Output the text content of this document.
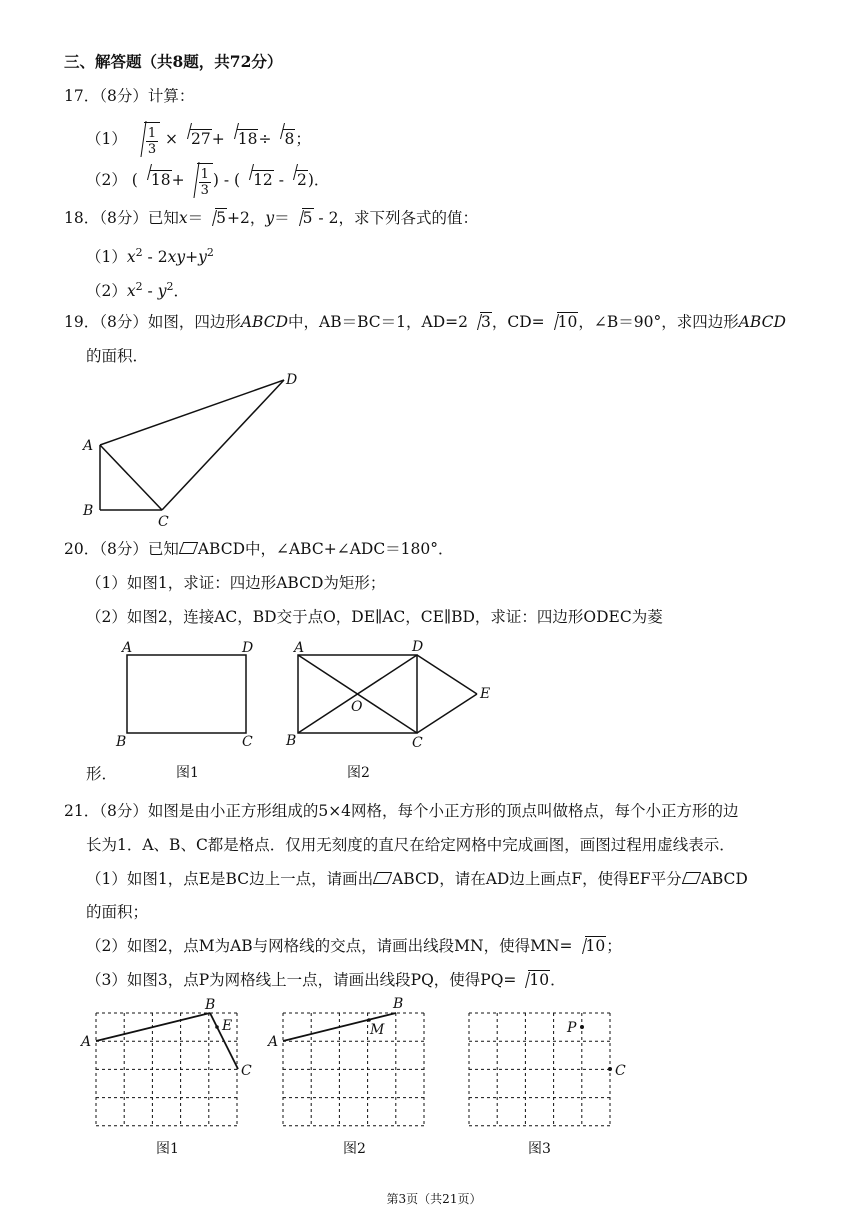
三、解答题（共8题，共72分）
17．（8分）计算：
$(1) \frac{1}{3} \times 27+ 18\div 8$；
（2） ( $18+ \frac{1}{3}$ ) - ( 12 - 2)．
18．（8分）已知x＝ 5+2，y＝ 5 - 2，求下列各式的值：
$(1)x^2 - 2xy+y^2$
$(2)x^2 - y^2$．
19．（8分）如图，四边形ABCD中，AB＝BC＝1，AD=2 3，CD= 10，∠B＝90°，求四边形ABCD
的面积．
A
B
C
D
20．（8分）已知 ABCD中，∠ABC+∠ADC＝180°．
（1）如图1，求证：四边形ABCD为矩形；
（2）如图2，连接AC，BD交于点O，DE∥AC，CE∥BD，求证：四边形ODEC为菱
A	D
B	C
A	D
E
O
B	C
形．	图1	图2
21．（8分）如图是由小正方形组成的5×4网格，每个小正方形的顶点叫做格点，每个小正方形的边
长为1．A、B、C都是格点．仅用无刻度的直尺在给定网格中完成画图，画图过程用虚线表示．
（1）如图1，点E是BC边上一点，请画出 ABCD，请在AD边上画点F，使得EF平分 ABCD
的面积；
（2）如图2，点M为AB与网格线的交点，请画出线段MN，使得MN= 10；
（3）如图3，点P为网格线上一点，请画出线段PQ，使得PQ= 10．
A
B
E
C
A
B
M	P
C
图1	图2	图3
第3页（共21页）
